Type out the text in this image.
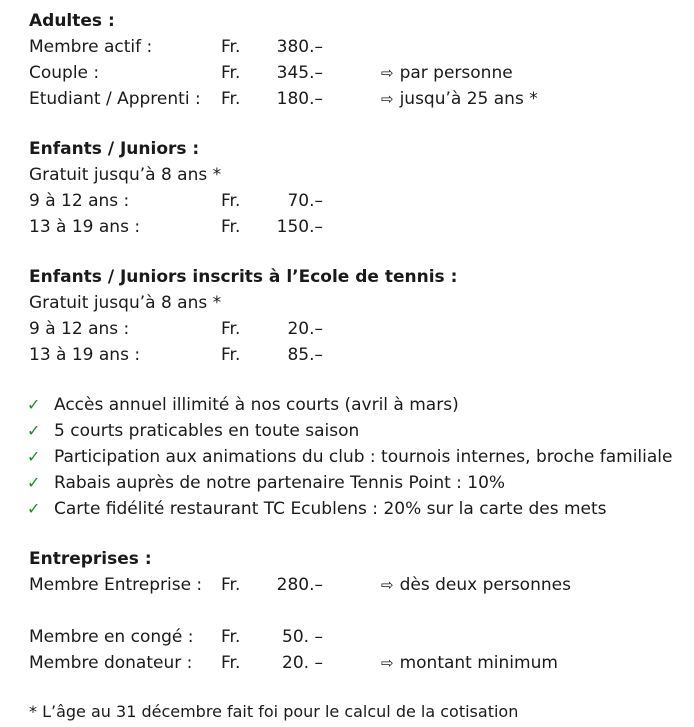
Adultes :
Membre actif :	Fr.	380.–
Couple :	Fr.	345.–	⇨ par personne
Etudiant / Apprenti : Fr.	180.–	⇨ jusqu’à 25 ans *
Enfants / Juniors :
Gratuit jusqu’à 8 ans *
9 à 12 ans :	Fr.	70.–
13 à 19 ans :	Fr.	150.–
Enfants / Juniors inscrits à l’Ecole de tennis :
Gratuit jusqu’à 8 ans *
9 à 12 ans :	Fr.	20.–
13 à 19 ans :	Fr.	85.–
✓ Accès annuel illimité à nos courts (avril à mars)
✓ 5 courts praticables en toute saison
✓ Participation aux animations du club : tournois internes, broche familiale
✓ Rabais auprès de notre partenaire Tennis Point : 10%
✓ Carte fidélité restaurant TC Ecublens : 20% sur la carte des mets
Entreprises :
Membre Entreprise : Fr.	280.–	⇨ dès deux personnes
Membre en congé : Fr.	50. –
Membre donateur : Fr.	20. –	⇨ montant minimum
* L’âge au 31 décembre fait foi pour le calcul de la cotisation
